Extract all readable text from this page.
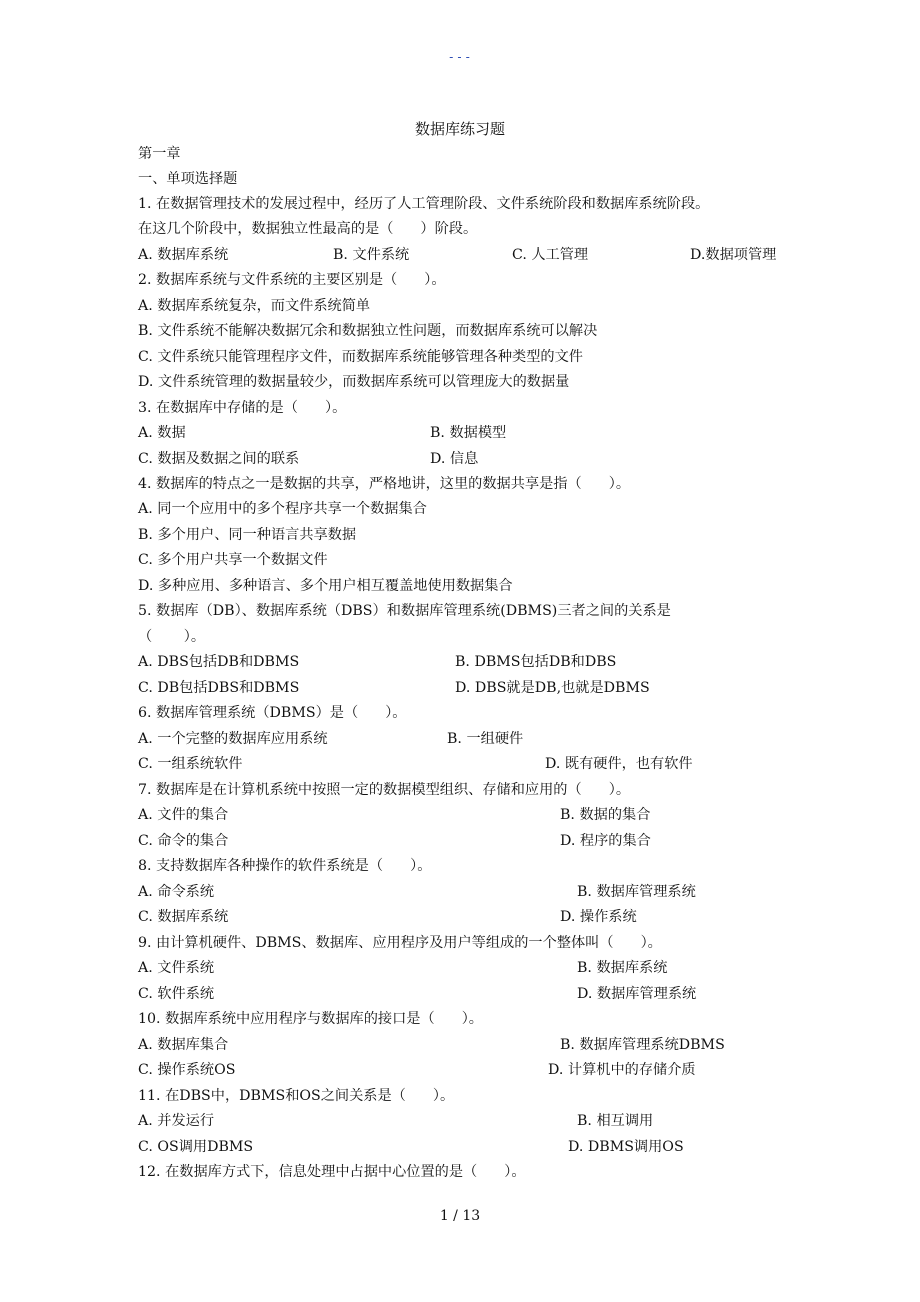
---
数据库练习题
第一章
一、单项选择题
1. 在数据管理技术的发展过程中，经历了人工管理阶段、文件系统阶段和数据库系统阶段。
在这几个阶段中，数据独立性最高的是（      ）阶段。
A. 数据库系统	B. 文件系统	C. 人工管理	D.数据项管理
2. 数据库系统与文件系统的主要区别是（      ）。
A. 数据库系统复杂，而文件系统简单
B. 文件系统不能解决数据冗余和数据独立性问题，而数据库系统可以解决
C. 文件系统只能管理程序文件，而数据库系统能够管理各种类型的文件
D. 文件系统管理的数据量较少，而数据库系统可以管理庞大的数据量
3. 在数据库中存储的是（      ）。
A. 数据	B. 数据模型
C. 数据及数据之间的联系	D. 信息
4. 数据库的特点之一是数据的共享，严格地讲，这里的数据共享是指（      ）。
A. 同一个应用中的多个程序共享一个数据集合
B. 多个用户、同一种语言共享数据
C. 多个用户共享一个数据文件
D. 多种应用、多种语言、多个用户相互覆盖地使用数据集合
5. 数据库（DB）、数据库系统（DBS）和数据库管理系统(DBMS)三者之间的关系是
（       ）。
A. DBS包括DB和DBMS	B. DBMS包括DB和DBS
C. DB包括DBS和DBMS	D. DBS就是DB,也就是DBMS
6. 数据库管理系统（DBMS）是（      ）。
A. 一个完整的数据库应用系统	B. 一组硬件
C. 一组系统软件	D. 既有硬件，也有软件
7. 数据库是在计算机系统中按照一定的数据模型组织、存储和应用的（      ）。
A. 文件的集合	B. 数据的集合
C. 命令的集合	D. 程序的集合
8. 支持数据库各种操作的软件系统是（      ）。
A. 命令系统	B. 数据库管理系统
C. 数据库系统	D. 操作系统
9. 由计算机硬件、DBMS、数据库、应用程序及用户等组成的一个整体叫（      ）。
A. 文件系统	B. 数据库系统
C. 软件系统	D. 数据库管理系统
10. 数据库系统中应用程序与数据库的接口是（      ）。
A. 数据库集合	B. 数据库管理系统DBMS
C. 操作系统OS	D. 计算机中的存储介质
11. 在DBS中，DBMS和OS之间关系是（      ）。
A. 并发运行	B. 相互调用
C. OS调用DBMS	D. DBMS调用OS
12. 在数据库方式下，信息处理中占据中心位置的是（      ）。
1 / 13
